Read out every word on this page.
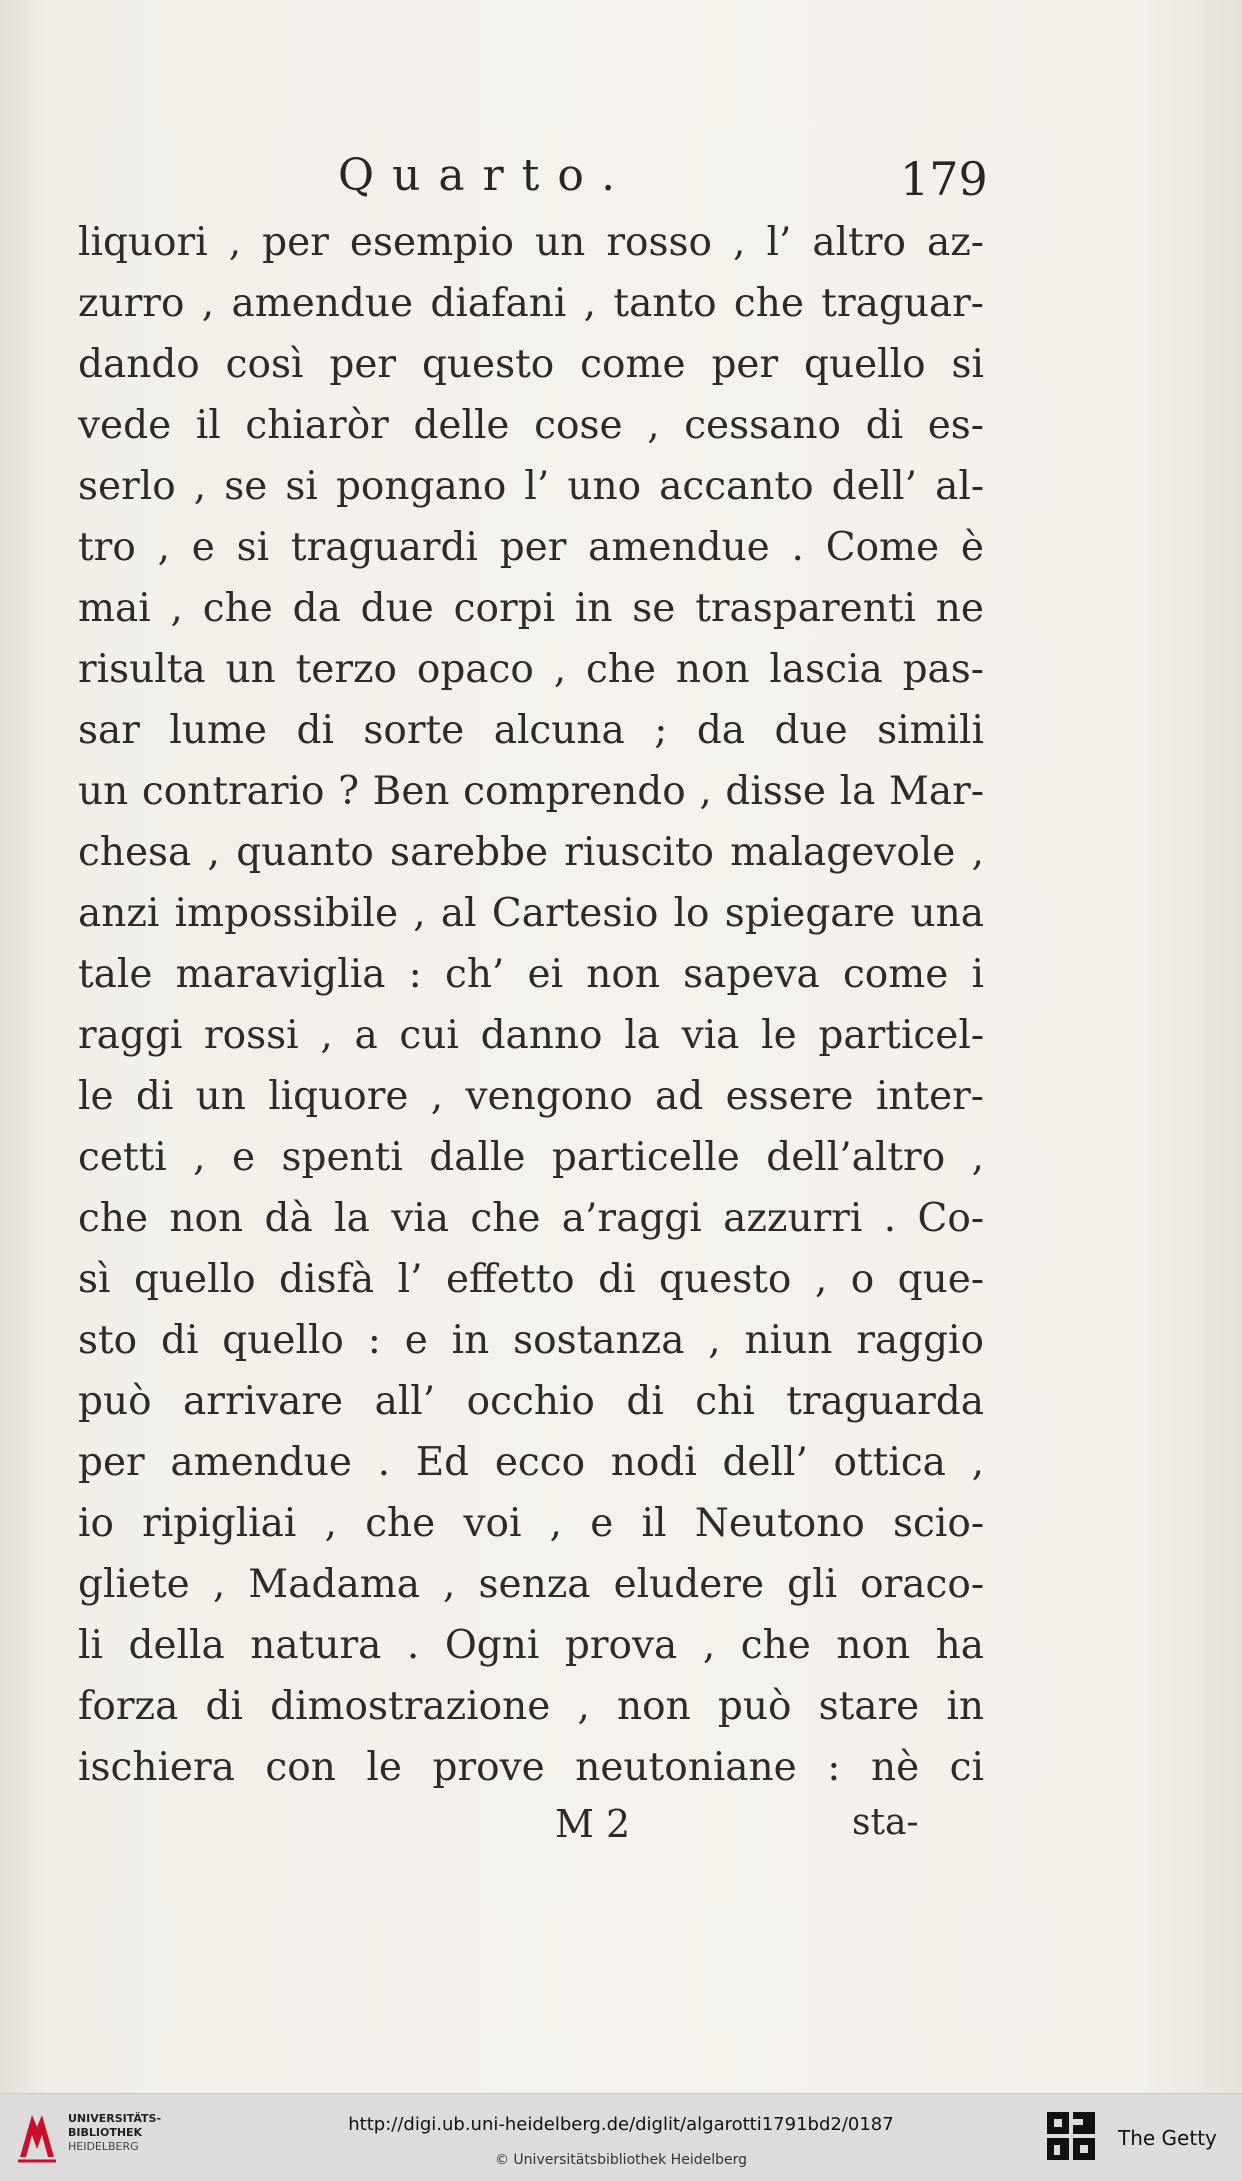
Quarto.	179
liquori , per esempio un rosso , l’ altro az-
zurro , amendue diafani , tanto che traguar-
dando così per questo come per quello si
vede il chiaròr delle cose , cessano di es-
serlo , se si pongano l’ uno accanto dell’ al-
tro , e si traguardi per amendue . Come è
mai , che da due corpi in se trasparenti ne
risulta un terzo opaco , che non lascia pas-
sar lume di sorte alcuna ; da due simili
un contrario ? Ben comprendo , disse la Mar-
chesa , quanto sarebbe riuscito malagevole ,
anzi impossibile , al Cartesio lo spiegare una
tale maraviglia : ch’ ei non sapeva come i
raggi rossi , a cui danno la via le particel-
le di un liquore , vengono ad essere inter-
cetti , e spenti dalle particelle dell’altro ,
che non dà la via che a’raggi azzurri . Co-
sì quello disfà l’ effetto di questo , o que-
sto di quello : e in sostanza , niun raggio
può arrivare all’ occhio di chi traguarda
per amendue . Ed ecco nodi dell’ ottica ,
io ripigliai , che voi , e il Neutono scio-
gliete , Madama , senza eludere gli oraco-
li della natura . Ogni prova , che non ha
forza di dimostrazione , non può stare in
ischiera con le prove neutoniane : nè ci
M 2	sta-
UNIVERSITÄTS-
BIBLIOTHEK
HEIDELBERG
http://digi.ub.uni-heidelberg.de/diglit/algarotti1791bd2/0187
© Universitätsbibliothek Heidelberg
The Getty
